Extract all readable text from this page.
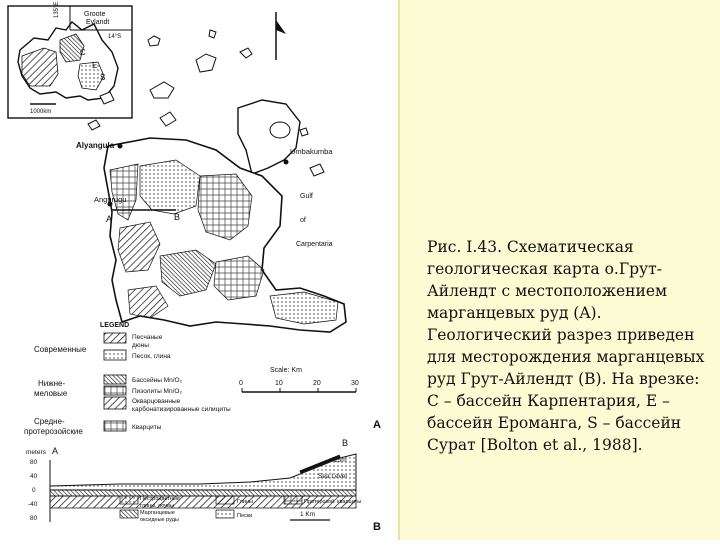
Groote
Eylandt
14°S
135°E
C
E
S
1000km
Alyangula
Umbakumba
Angurugu
A	B
Gulf
of
Carpentaria
LEGEND
Современные
Нижне- меловые
Средне- протерозойские
Песчаные
дюны
Песок, глина
Бассейны Mn/O₂
Пизолиты Mn/O₂
Окварцованные
карбонатизированные силициты
Кварциты
Scale: Km
0	10	20	30
A
meters A
B
80
40
0
-40
80
15m
Sea Level
Пестроцветные
глины, почвы
Глины	Протерозой. кварциты
Марганцевые
оксидные руды
Пески	1 Km
B
Рис. I.43. Схематическая
геологическая карта о.Грут-
Айлендт с местоположением
марганцевых руд (A).
Геологический разрез приведен
для месторождения марганцевых
руд Грут-Айлендт (B). На врезке:
C – бассейн Карпентария, E –
бассейн Ероманга, S – бассейн
Сурат [Bolton et al., 1988].
